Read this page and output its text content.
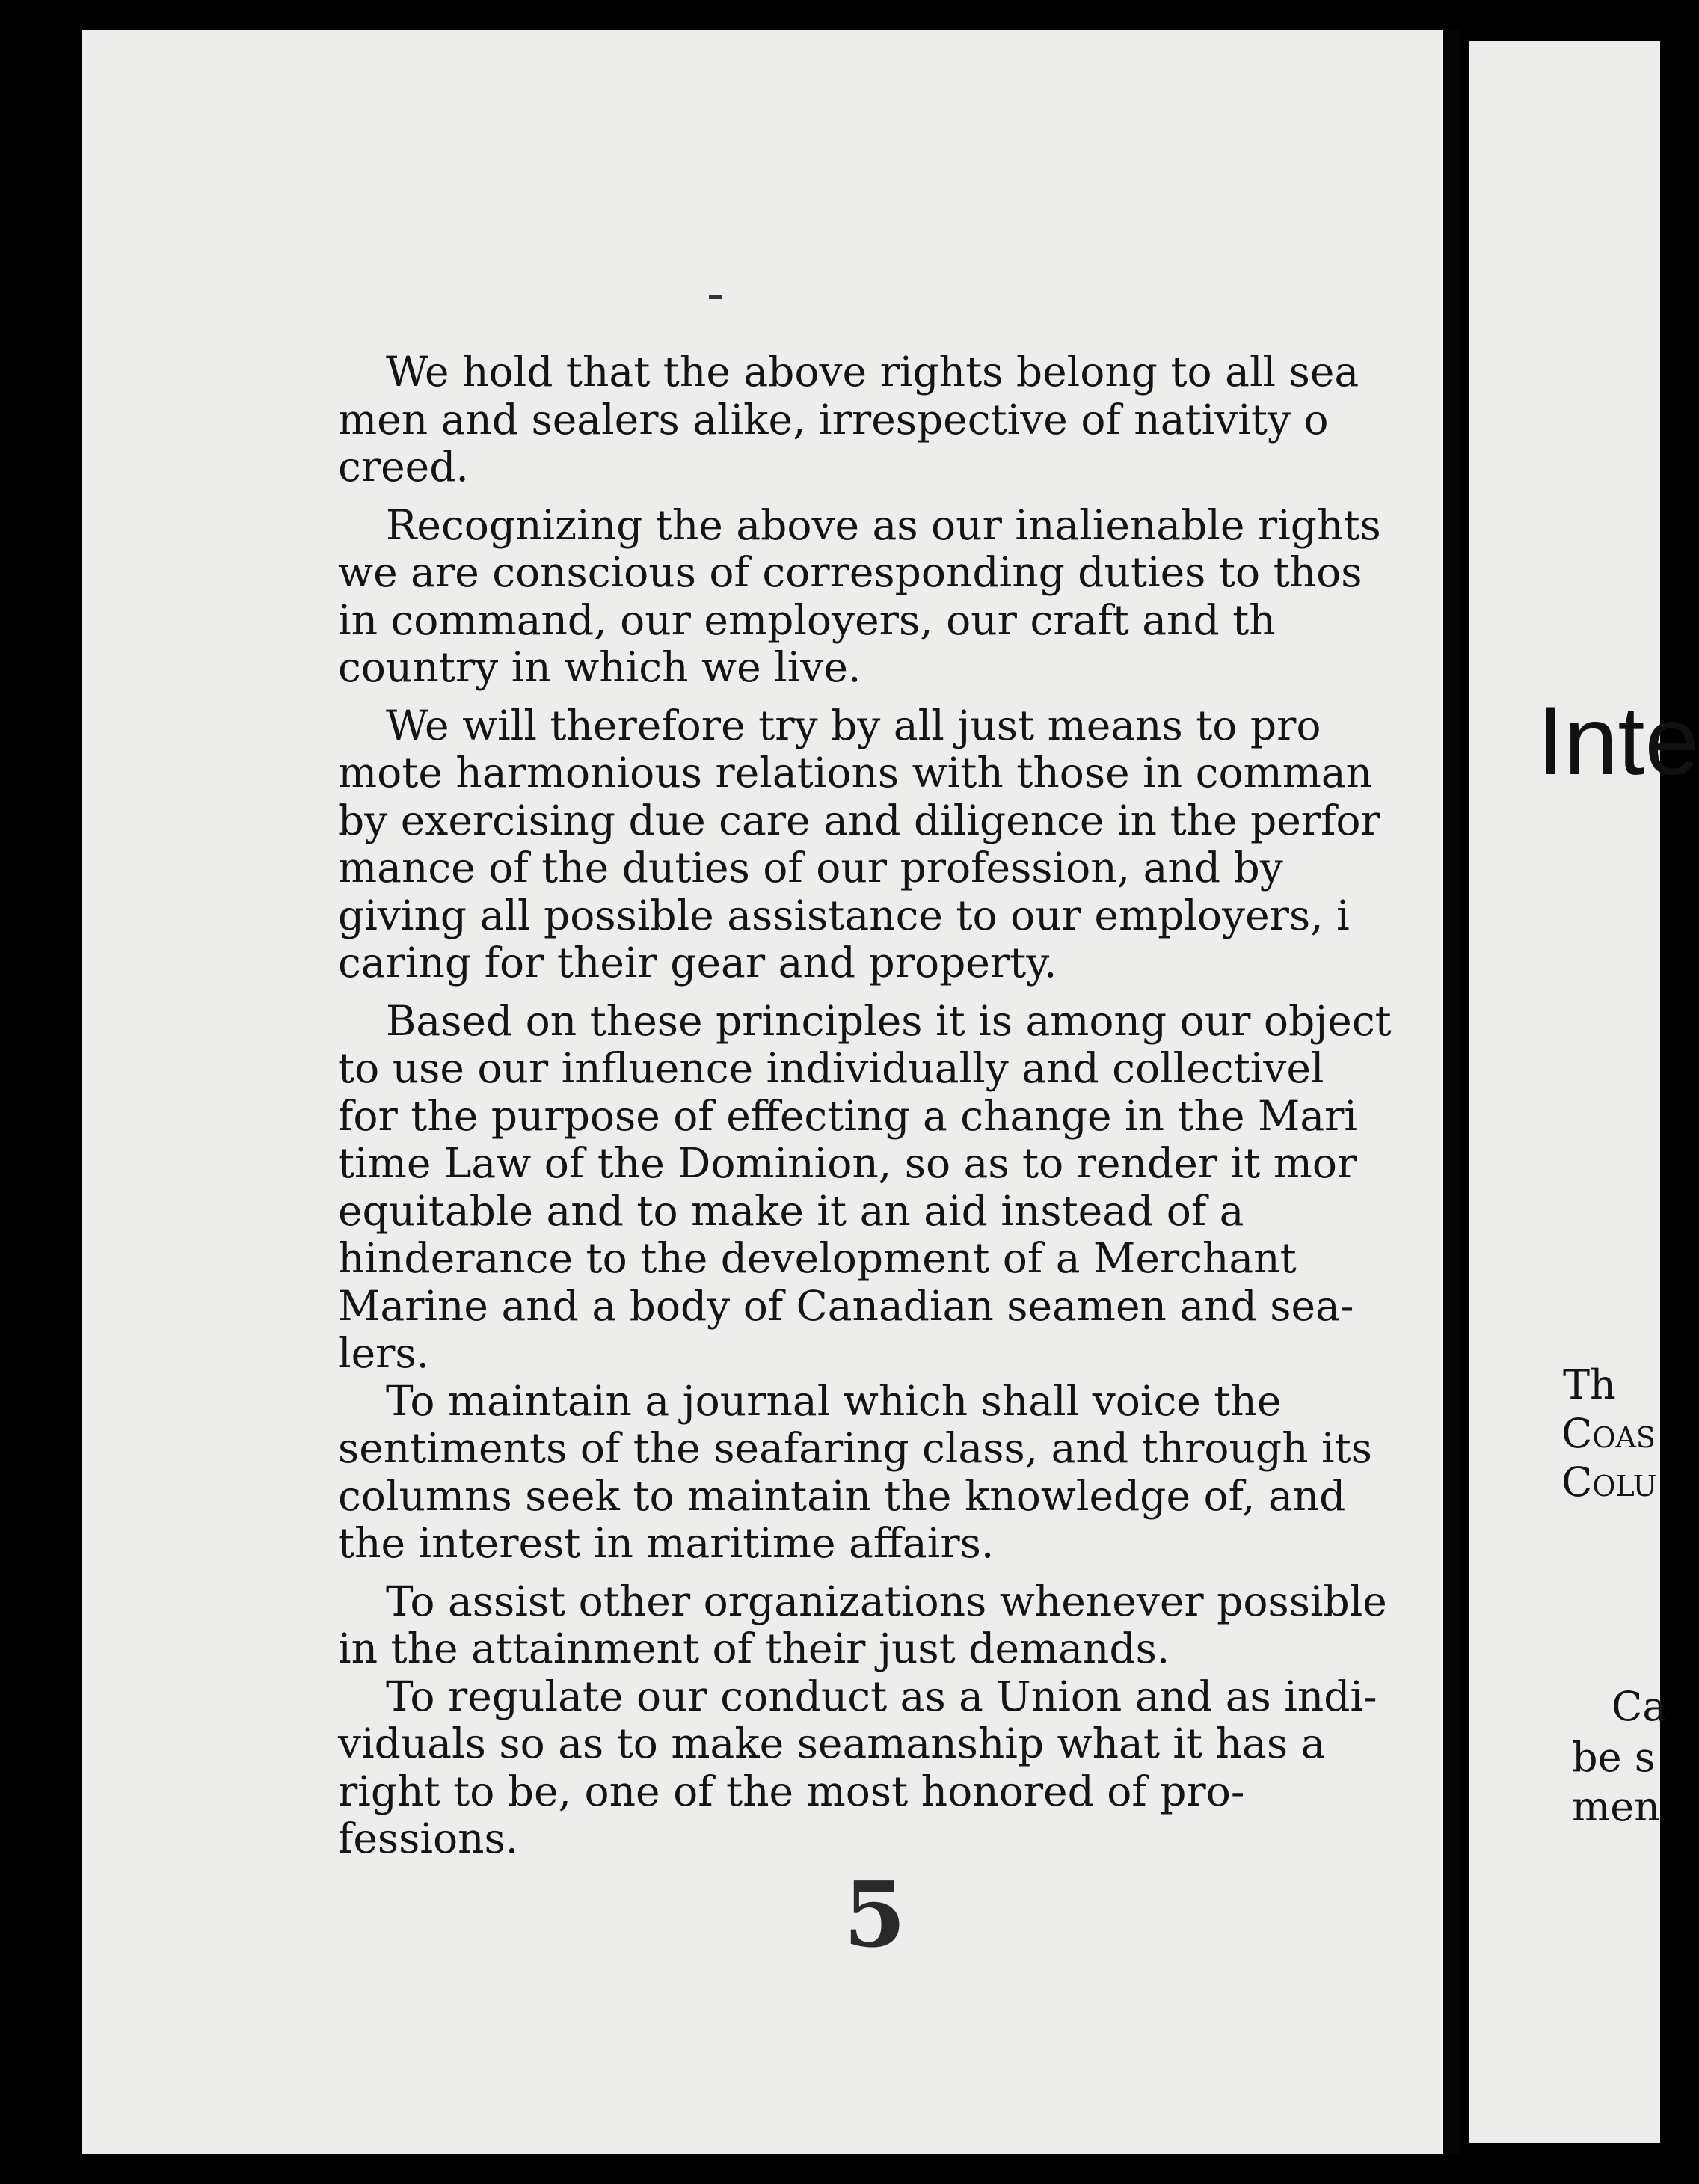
We hold that the above rights belong to all sea
men and sealers alike, irrespective of nativity o
creed.
Recognizing the above as our inalienable rights
we are conscious of corresponding duties to thos
in command, our employers, our craft and th
country in which we live.
We will therefore try by all just means to pro
mote harmonious relations with those in comman
by exercising due care and diligence in the perfor
mance of the duties of our profession, and by
giving all possible assistance to our employers, i
caring for their gear and property.
Based on these principles it is among our object
to use our influence individually and collectivel
for the purpose of effecting a change in the Mari
time Law of the Dominion, so as to render it mor
equitable and to make it an aid instead of a
hinderance to the development of a Merchant
Marine and a body of Canadian seamen and sea-
lers.
To maintain a journal which shall voice the
sentiments of the seafaring class, and through its
columns seek to maintain the knowledge of, and
the interest in maritime affairs.
To assist other organizations whenever possible
in the attainment of their just demands.
To regulate our conduct as a Union and as indi-
viduals so as to make seamanship what it has a
right to be, one of the most honored of pro-
fessions.
5
Inte
Th
Coas
Colu
Ca
be s
men
